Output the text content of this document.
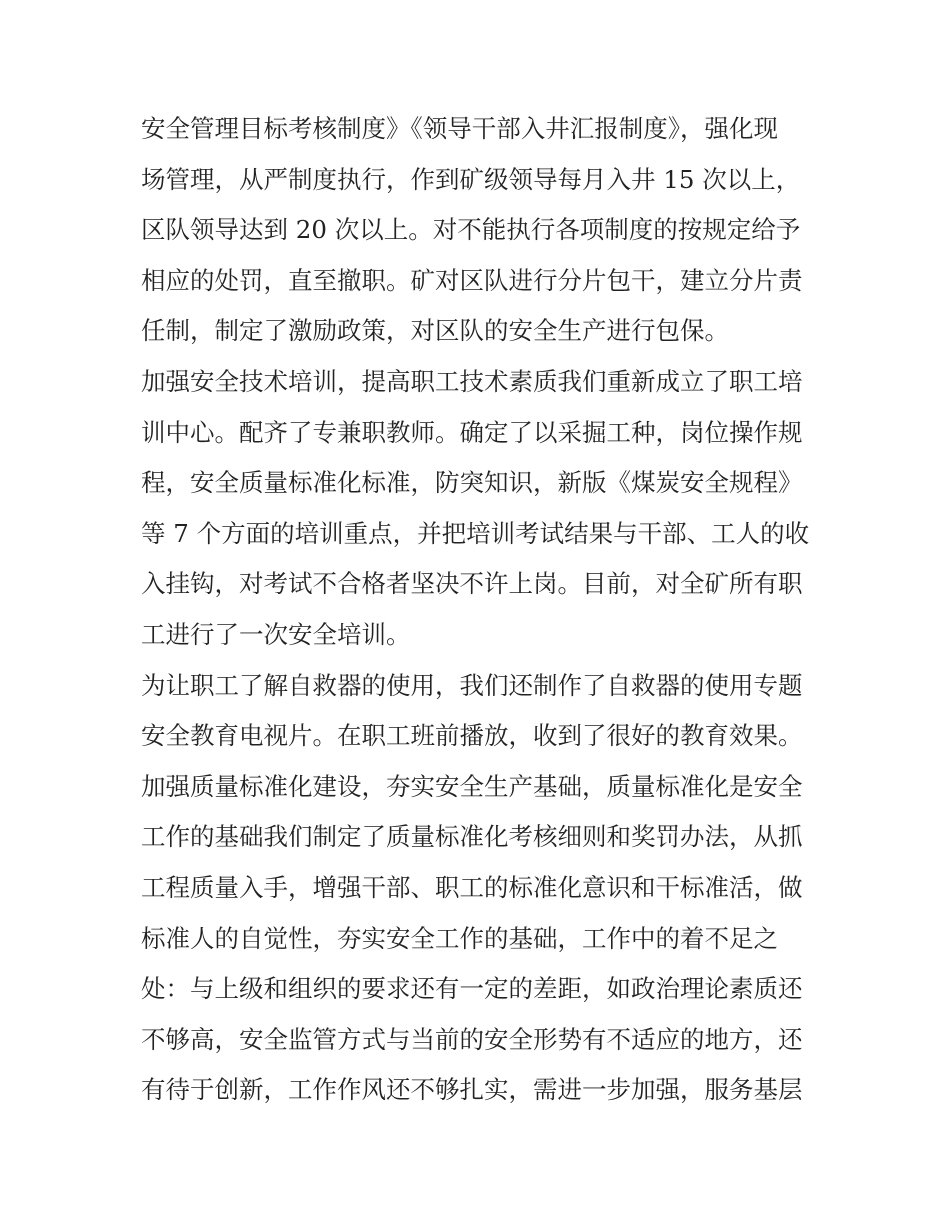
安全管理目标考核制度》《领导干部入井汇报制度》，强化现
场管理，从严制度执行，作到矿级领导每月入井 15 次以上，
区队领导达到 20 次以上。对不能执行各项制度的按规定给予
相应的处罚，直至撤职。矿对区队进行分片包干，建立分片责
任制，制定了激励政策，对区队的安全生产进行包保。
加强安全技术培训，提高职工技术素质我们重新成立了职工培
训中心。配齐了专兼职教师。确定了以采掘工种，岗位操作规
程，安全质量标准化标准，防突知识，新版《煤炭安全规程》
等 7 个方面的培训重点，并把培训考试结果与干部、工人的收
入挂钩，对考试不合格者坚决不许上岗。目前，对全矿所有职
工进行了一次安全培训。
为让职工了解自救器的使用，我们还制作了自救器的使用专题
安全教育电视片。在职工班前播放，收到了很好的教育效果。
加强质量标准化建设，夯实安全生产基础，质量标准化是安全
工作的基础我们制定了质量标准化考核细则和奖罚办法，从抓
工程质量入手，增强干部、职工的标准化意识和干标准活，做
标准人的自觉性，夯实安全工作的基础，工作中的着不足之
处：与上级和组织的要求还有一定的差距，如政治理论素质还
不够高，安全监管方式与当前的安全形势有不适应的地方，还
有待于创新，工作作风还不够扎实，需进一步加强，服务基层
